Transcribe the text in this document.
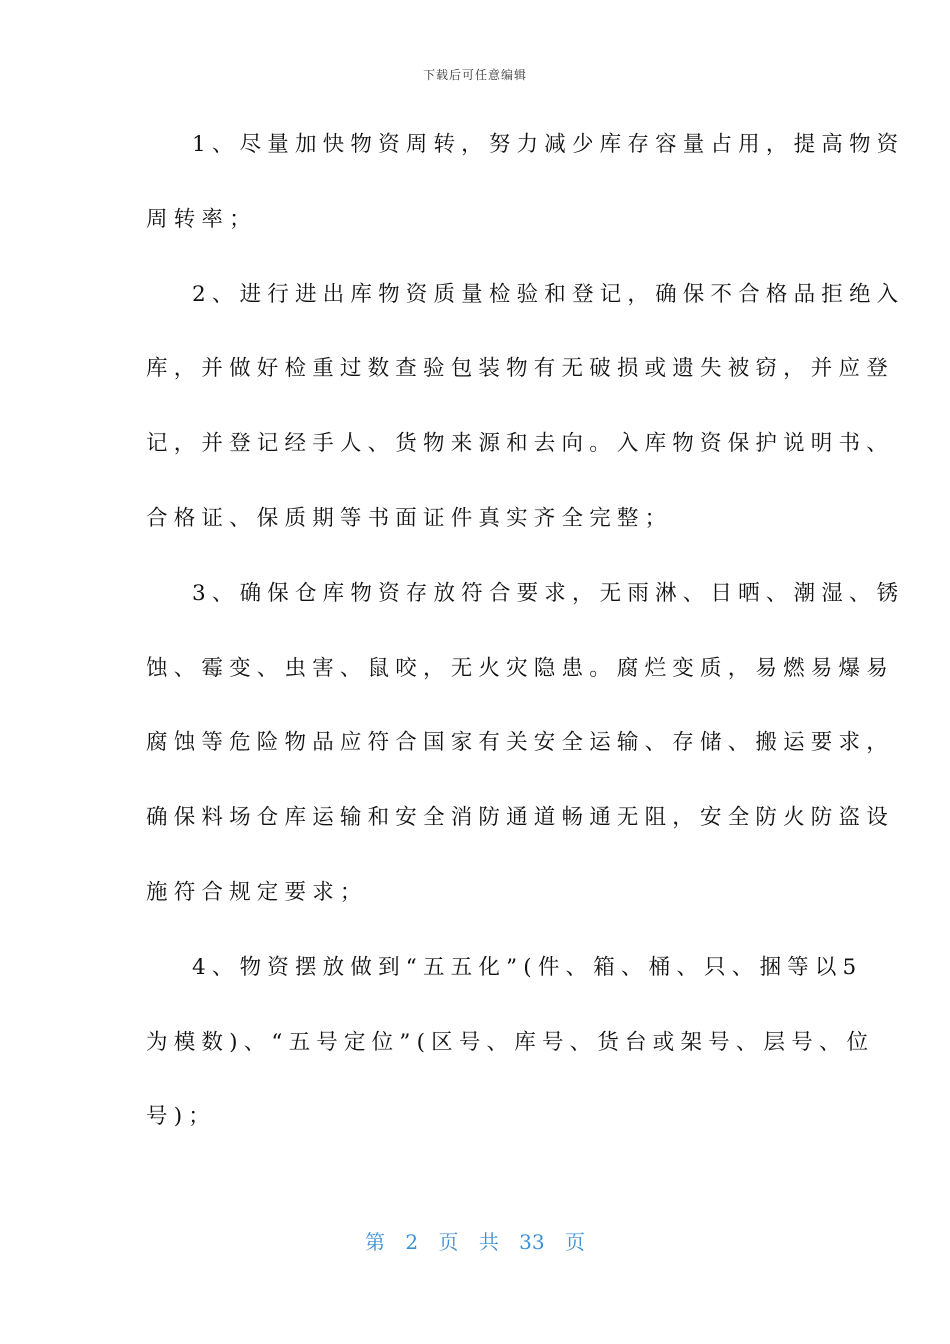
下载后可任意编辑
1、尽量加快物资周转，努力减少库存容量占用，提高物资
周转率；
2、进行进出库物资质量检验和登记，确保不合格品拒绝入
库，并做好检重过数查验包装物有无破损或遗失被窃，并应登
记，并登记经手人、货物来源和去向。入库物资保护说明书、
合格证、保质期等书面证件真实齐全完整；
3、确保仓库物资存放符合要求，无雨淋、日晒、潮湿、锈
蚀、霉变、虫害、鼠咬，无火灾隐患。腐烂变质，易燃易爆易
腐蚀等危险物品应符合国家有关安全运输、存储、搬运要求，
确保料场仓库运输和安全消防通道畅通无阻，安全防火防盗设
施符合规定要求；
4、物资摆放做到“五五化”(件、箱、桶、只、捆等以5
为模数)、“五号定位”(区号、库号、货台或架号、层号、位
号)；
第 2 页 共 33 页
